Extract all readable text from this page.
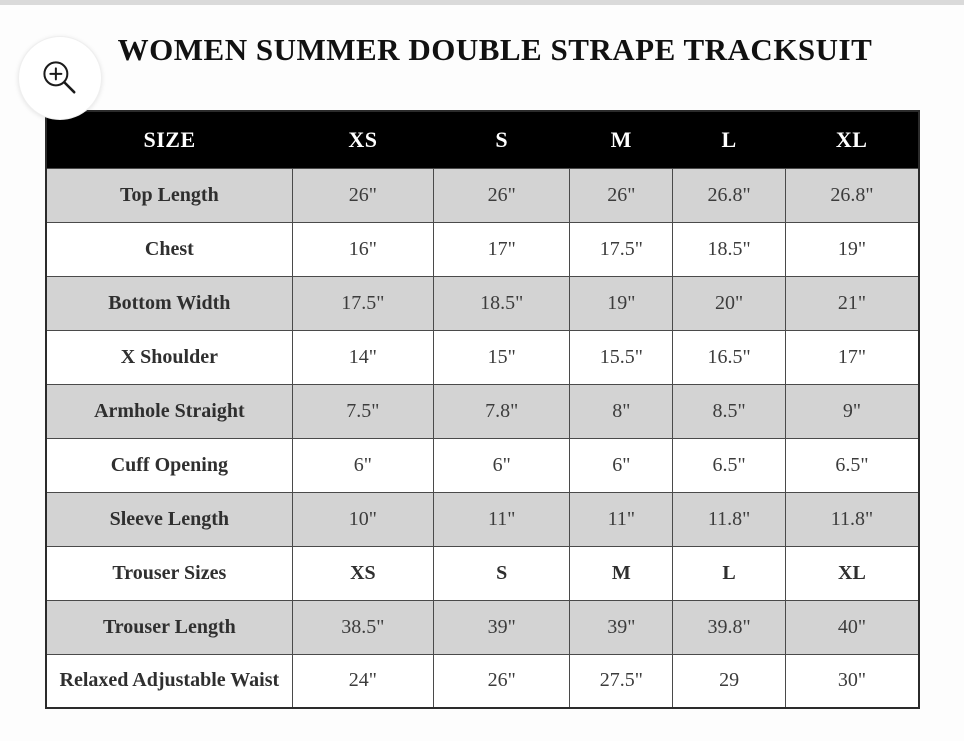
WOMEN SUMMER DOUBLE STRAPE TRACKSUIT
SIZE	XS	S	M	L	XL
Top Length	26"	26"	26"	26.8"	26.8"
Chest	16"	17"	17.5"	18.5"	19"
Bottom Width	17.5"	18.5"	19"	20"	21"
X Shoulder	14"	15"	15.5"	16.5"	17"
Armhole Straight	7.5"	7.8"	8"	8.5"	9"
Cuff Opening	6"	6"	6"	6.5"	6.5"
Sleeve Length	10"	11"	11"	11.8"	11.8"
Trouser Sizes	XS	S	M	L	XL
Trouser Length	38.5"	39"	39"	39.8"	40"
Relaxed Adjustable Waist	24"	26"	27.5"	29	30"
